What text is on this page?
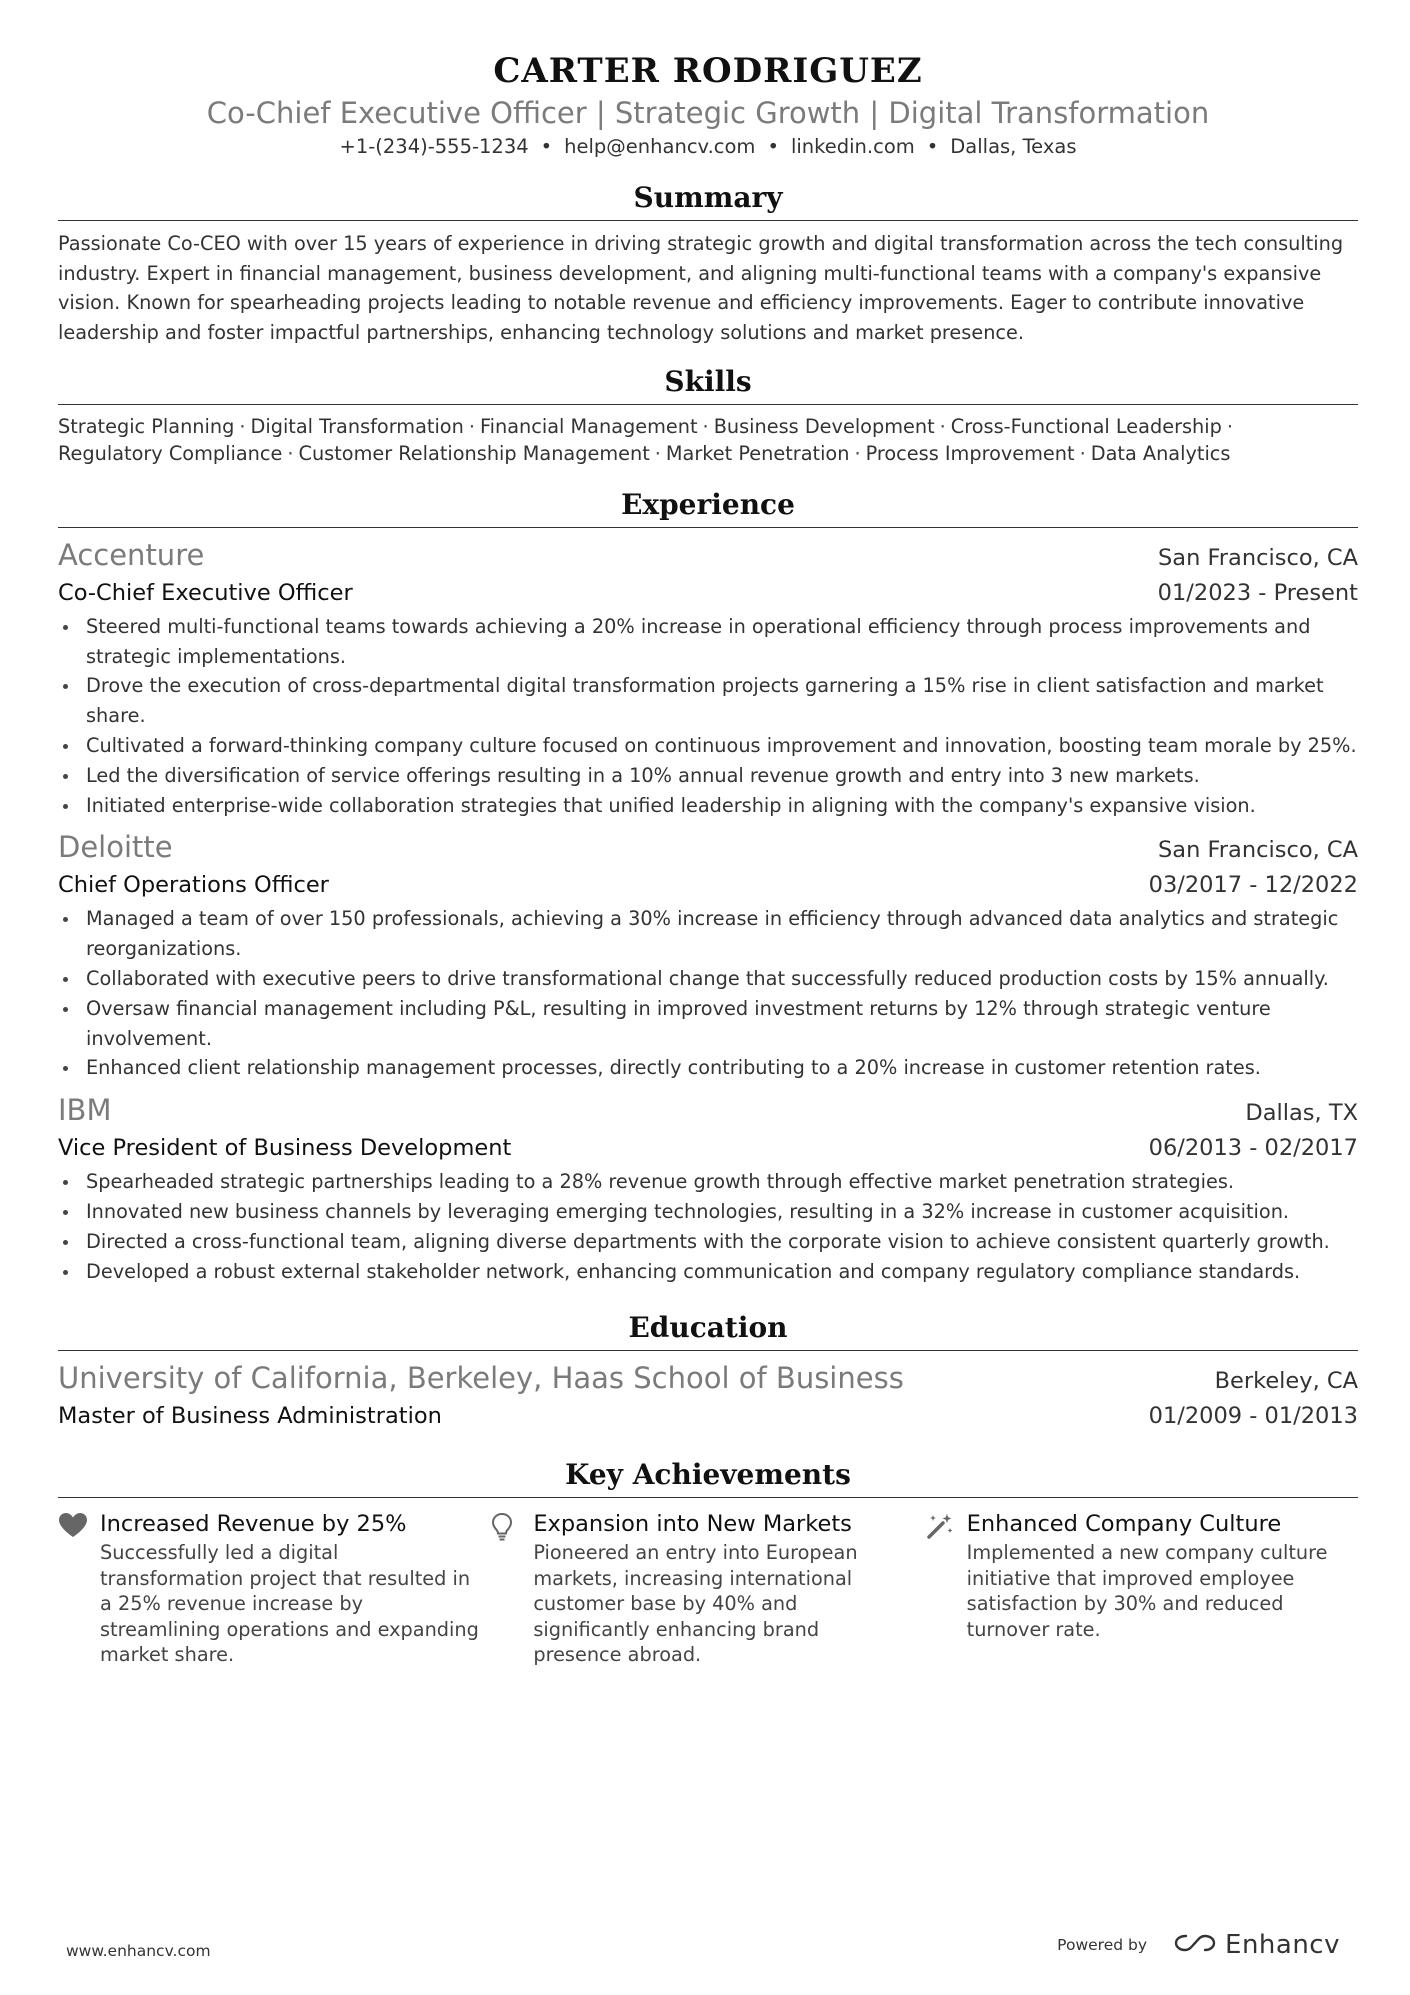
CARTER RODRIGUEZ
Co-Chief Executive Officer | Strategic Growth | Digital Transformation
+1-(234)-555-1234 • help@enhancv.com • linkedin.com • Dallas, Texas
Summary
Passionate Co-CEO with over 15 years of experience in driving strategic growth and digital transformation across the tech consulting industry. Expert in financial management, business development, and aligning multi-functional teams with a company's expansive vision. Known for spearheading projects leading to notable revenue and efficiency improvements. Eager to contribute innovative leadership and foster impactful partnerships, enhancing technology solutions and market presence.
Skills
Strategic Planning · Digital Transformation · Financial Management · Business Development · Cross-Functional Leadership ·
Regulatory Compliance · Customer Relationship Management · Market Penetration · Process Improvement · Data Analytics
Experience
Accenture	San Francisco, CA
Co-Chief Executive Officer	01/2023 - Present
Steered multi-functional teams towards achieving a 20% increase in operational efficiency through process improvements and strategic implementations.
Drove the execution of cross-departmental digital transformation projects garnering a 15% rise in client satisfaction and market share.
Cultivated a forward-thinking company culture focused on continuous improvement and innovation, boosting team morale by 25%.
Led the diversification of service offerings resulting in a 10% annual revenue growth and entry into 3 new markets.
Initiated enterprise-wide collaboration strategies that unified leadership in aligning with the company's expansive vision.
Deloitte	San Francisco, CA
Chief Operations Officer	03/2017 - 12/2022
Managed a team of over 150 professionals, achieving a 30% increase in efficiency through advanced data analytics and strategic reorganizations.
Collaborated with executive peers to drive transformational change that successfully reduced production costs by 15% annually.
Oversaw financial management including P&L, resulting in improved investment returns by 12% through strategic venture involvement.
Enhanced client relationship management processes, directly contributing to a 20% increase in customer retention rates.
IBM	Dallas, TX
Vice President of Business Development	06/2013 - 02/2017
Spearheaded strategic partnerships leading to a 28% revenue growth through effective market penetration strategies.
Innovated new business channels by leveraging emerging technologies, resulting in a 32% increase in customer acquisition.
Directed a cross-functional team, aligning diverse departments with the corporate vision to achieve consistent quarterly growth.
Developed a robust external stakeholder network, enhancing communication and company regulatory compliance standards.
Education
University of California, Berkeley, Haas School of Business	Berkeley, CA
Master of Business Administration	01/2009 - 01/2013
Key Achievements
Increased Revenue by 25%
Successfully led a digital transformation project that resulted in a 25% revenue increase by streamlining operations and expanding market share.
Expansion into New Markets
Pioneered an entry into European markets, increasing international customer base by 40% and significantly enhancing brand presence abroad.
Enhanced Company Culture
Implemented a new company culture initiative that improved employee satisfaction by 30% and reduced turnover rate.
www.enhancv.com	Powered by	Enhancv
